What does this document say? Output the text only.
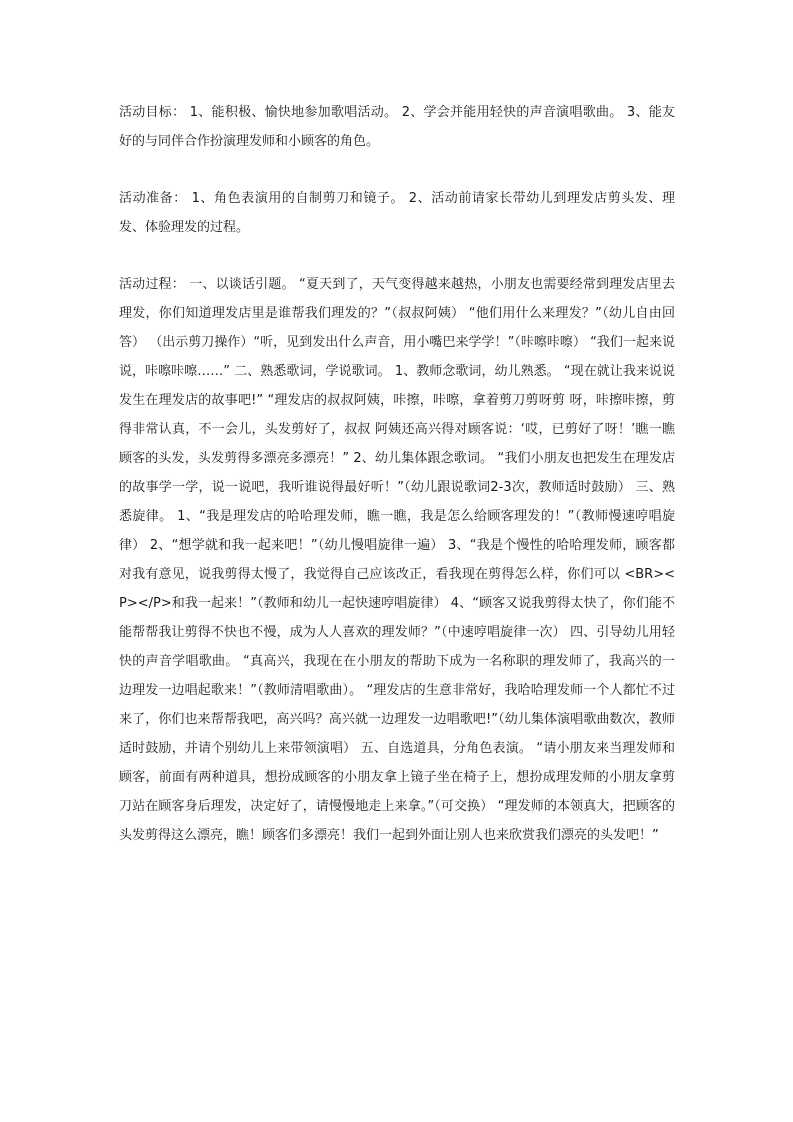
活动目标： 1、能积极、愉快地参加歌唱活动。 2、学会并能用轻快的声音演唱歌曲。 3、能友好的与同伴合作扮演理发师和小顾客的角色。

活动准备： 1、角色表演用的自制剪刀和镜子。 2、活动前请家长带幼儿到理发店剪头发、理发、体验理发的过程。

活动过程： 一、以谈话引题。 “夏天到了，天气变得越来越热，小朋友也需要经常到理发店里去理发，你们知道理发店里是谁帮我们理发的？”（叔叔阿姨） “他们用什么来理发？”（幼儿自由回答） （出示剪刀操作）“听，见到发出什么声音，用小嘴巴来学学！”（咔嚓咔嚓） “我们一起来说说，咔嚓咔嚓……” 二、熟悉歌词，学说歌词。 1、教师念歌词，幼儿熟悉。 “现在就让我来说说发生在理发店的故事吧!” “理发店的叔叔阿姨，咔擦，咔嚓，拿着剪刀剪呀剪 呀，咔擦咔擦，剪得非常认真，不一会儿，头发剪好了，叔叔 阿姨还高兴得对顾客说：‘哎，已剪好了呀！’瞧一瞧顾客的头发，头发剪得多漂亮多漂亮！” 2、幼儿集体跟念歌词。 “我们小朋友也把发生在理发店的故事学一学，说一说吧，我听谁说得最好听！”（幼儿跟说歌词2-3次，教师适时鼓励） 三、熟悉旋律。 1、“我是理发店的哈哈理发师，瞧一瞧，我是怎么给顾客理发的！”（教师慢速哼唱旋律） 2、“想学就和我一起来吧！”（幼儿慢唱旋律一遍） 3、“我是个慢性的哈哈理发师，顾客都对我有意见，说我剪得太慢了，我觉得自己应该改正，看我现在剪得怎么样，你们可以 <BR><P></P>和我一起来！”（教师和幼儿一起快速哼唱旋律） 4、“顾客又说我剪得太快了，你们能不能帮帮我让剪得不快也不慢，成为人人喜欢的理发师？”（中速哼唱旋律一次） 四、引导幼儿用轻快的声音学唱歌曲。 “真高兴，我现在在小朋友的帮助下成为一名称职的理发师了，我高兴的一边理发一边唱起歌来！”（教师清唱歌曲）。 “理发店的生意非常好，我哈哈理发师一个人都忙不过来了，你们也来帮帮我吧，高兴吗？高兴就一边理发一边唱歌吧!”（幼儿集体演唱歌曲数次，教师适时鼓励，并请个别幼儿上来带领演唱） 五、自选道具，分角色表演。 “请小朋友来当理发师和顾客，前面有两种道具，想扮成顾客的小朋友拿上镜子坐在椅子上，想扮成理发师的小朋友拿剪刀站在顾客身后理发，决定好了，请慢慢地走上来拿。”（可交换） “理发师的本领真大，把顾客的头发剪得这么漂亮，瞧！顾客们多漂亮！我们一起到外面让别人也来欣赏我们漂亮的头发吧！”
